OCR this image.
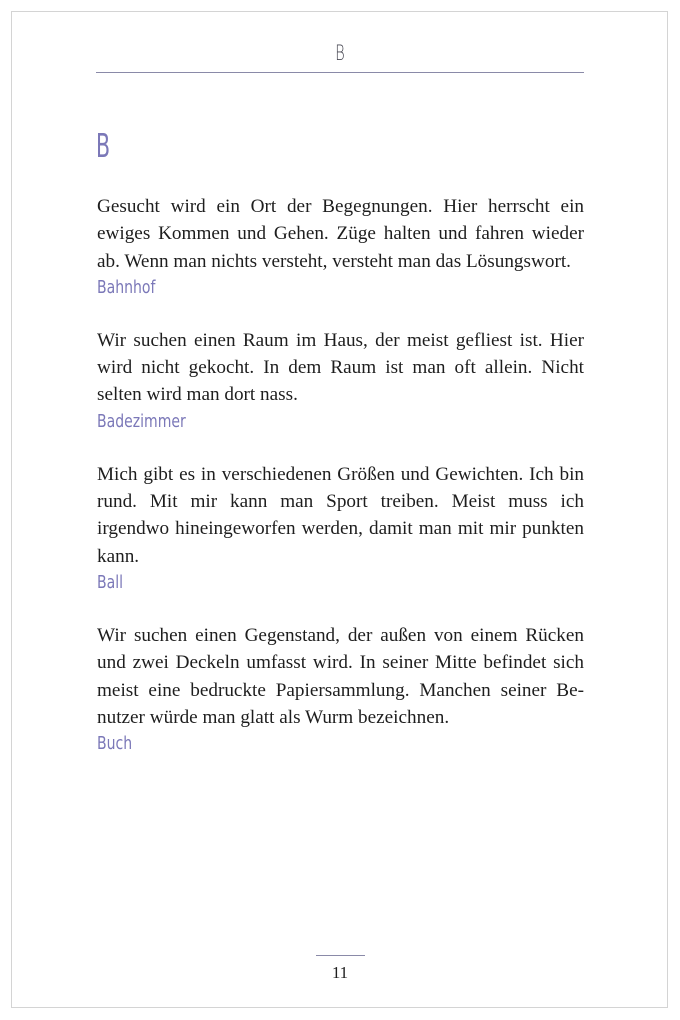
B
B

Gesucht wird ein Ort der Begegnungen. Hier herrscht ein ewiges Kommen und Gehen. Züge halten und fahren wieder ab. Wenn man nichts versteht, versteht man das Lösungswort.

Bahnhof

Wir suchen einen Raum im Haus, der meist gefliest ist. Hier wird nicht gekocht. In dem Raum ist man oft allein. Nicht selten wird man dort nass.

Badezimmer

Mich gibt es in verschiedenen Größen und Gewichten. Ich bin rund. Mit mir kann man Sport treiben. Meist muss ich irgendwo hineingeworfen werden, damit man mit mir punkten kann.

Ball

Wir suchen einen Gegenstand, der außen von einem Rücken und zwei Deckeln umfasst wird. In seiner Mitte befindet sich meist eine bedruckte Papiersammlung. Manchen seiner Benutzer würde man glatt als Wurm bezeichnen.

Buch

11
